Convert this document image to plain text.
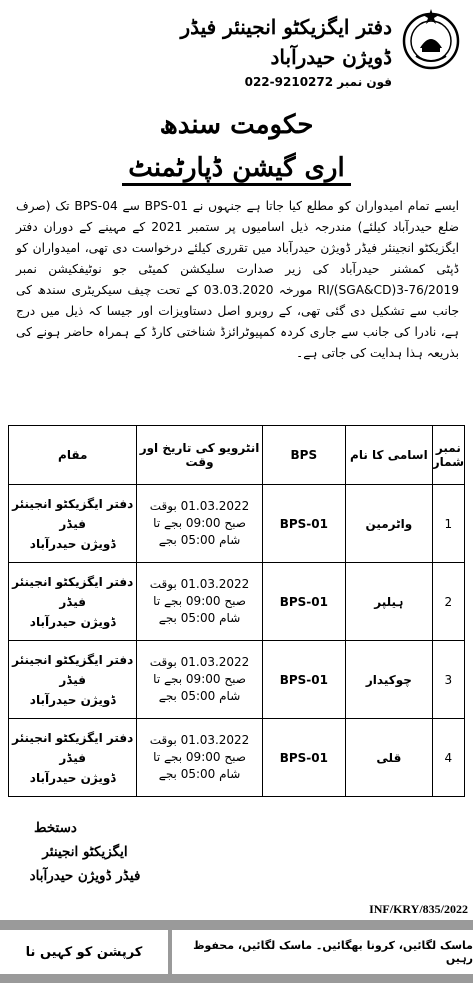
دفتر ایگزیکٹو انجینئر فیڈر ڈویژن حیدرآباد
فون نمبر 022-9210272
حکومت سندھ
اری گیشن ڈپارٹمنٹ

ایسے تمام امیدواران کو مطلع کیا جاتا ہے جنہوں نے BPS-01 سے BPS-04 تک (صرف ضلع حیدرآباد کیلئے) مندرجہ ذیل اسامیوں پر ستمبر 2021 کے مہینے کے دوران دفتر ایگزیکٹو انجینئر فیڈر ڈویژن حیدرآباد میں تقرری کیلئے درخواست دی تھی، امیدواران کو ڈپٹی کمشنر حیدرآباد کی زیر صدارت سلیکشن کمیٹی جو نوٹیفکیشن نمبر RI/(SGA&CD)3-76/2019 مورخہ 03.03.2020 کے تحت چیف سیکریٹری سندھ کی جانب سے تشکیل دی گئی تھی، کے روبرو اصل دستاویزات اور جیسا کہ ذیل میں درج ہے، نادرا کی جانب سے جاری کردہ کمپیوٹرائزڈ شناختی کارڈ کے ہمراہ حاضر ہونے کی بذریعہ ہذا ہدایت کی جاتی ہے۔

نمبر شمار	اسامی کا نام	BPS	انٹرویو کی تاریخ اور وقت	مقام
1	واٹرمین	BPS-01	01.03.2022 بوقت
صبح 09:00 بجے تا
شام 05:00 بجے	دفتر ایگزیکٹو انجینئر فیڈر
ڈویژن حیدرآباد

2	ہیلپر	BPS-01	01.03.2022 بوقت
صبح 09:00 بجے تا
شام 05:00 بجے	دفتر ایگزیکٹو انجینئر فیڈر
ڈویژن حیدرآباد

3	چوکیدار	BPS-01	01.03.2022 بوقت
صبح 09:00 بجے تا
شام 05:00 بجے	دفتر ایگزیکٹو انجینئر فیڈر
ڈویژن حیدرآباد

4	قلی	BPS-01	01.03.2022 بوقت
صبح 09:00 بجے تا
شام 05:00 بجے	دفتر ایگزیکٹو انجینئر فیڈر
ڈویژن حیدرآباد
دستخط
ایگزیکٹو انجینئر
فیڈر ڈویژن حیدرآباد
INF/KRY/835/2022
کرپشن کو کہیں نا	ماسک لگائیں، کرونا بھگائیں۔ ماسک لگائیں، محفوظ رہیں
